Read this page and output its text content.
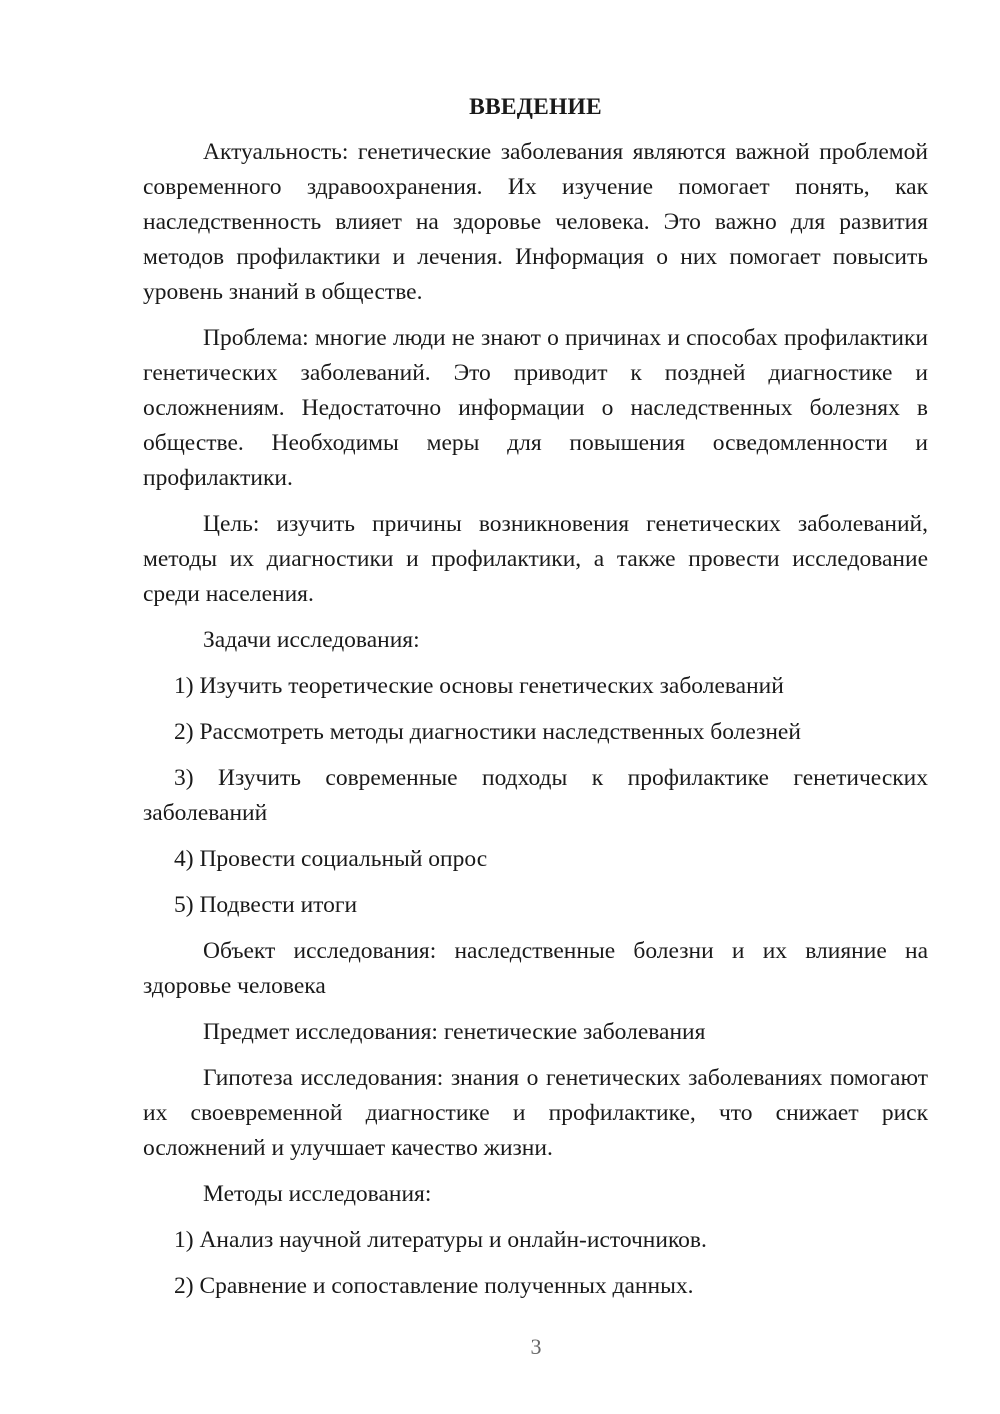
ВВЕДЕНИЕ

Актуальность: генетические заболевания являются важной проблемой современного здравоохранения. Их изучение помогает понять, как наследственность влияет на здоровье человека. Это важно для развития методов профилактики и лечения. Информация о них помогает повысить уровень знаний в обществе.

Проблема: многие люди не знают о причинах и способах профилактики генетических заболеваний. Это приводит к поздней диагностике и осложнениям. Недостаточно информации о наследственных болезнях в обществе. Необходимы меры для повышения осведомленности и профилактики.

Цель: изучить причины возникновения генетических заболеваний, методы их диагностики и профилактики, а также провести исследование среди населения.

Задачи исследования:

1) Изучить теоретические основы генетических заболеваний

2) Рассмотреть методы диагностики наследственных болезней

3) Изучить современные подходы к профилактике генетических заболеваний

4) Провести социальный опрос

5) Подвести итоги

Объект исследования: наследственные болезни и их влияние на здоровье человека

Предмет исследования: генетические заболевания

Гипотеза исследования: знания о генетических заболеваниях помогают их своевременной диагностике и профилактике, что снижает риск осложнений и улучшает качество жизни.

Методы исследования:

1) Анализ научной литературы и онлайн-источников.

2) Сравнение и сопоставление полученных данных.

3
